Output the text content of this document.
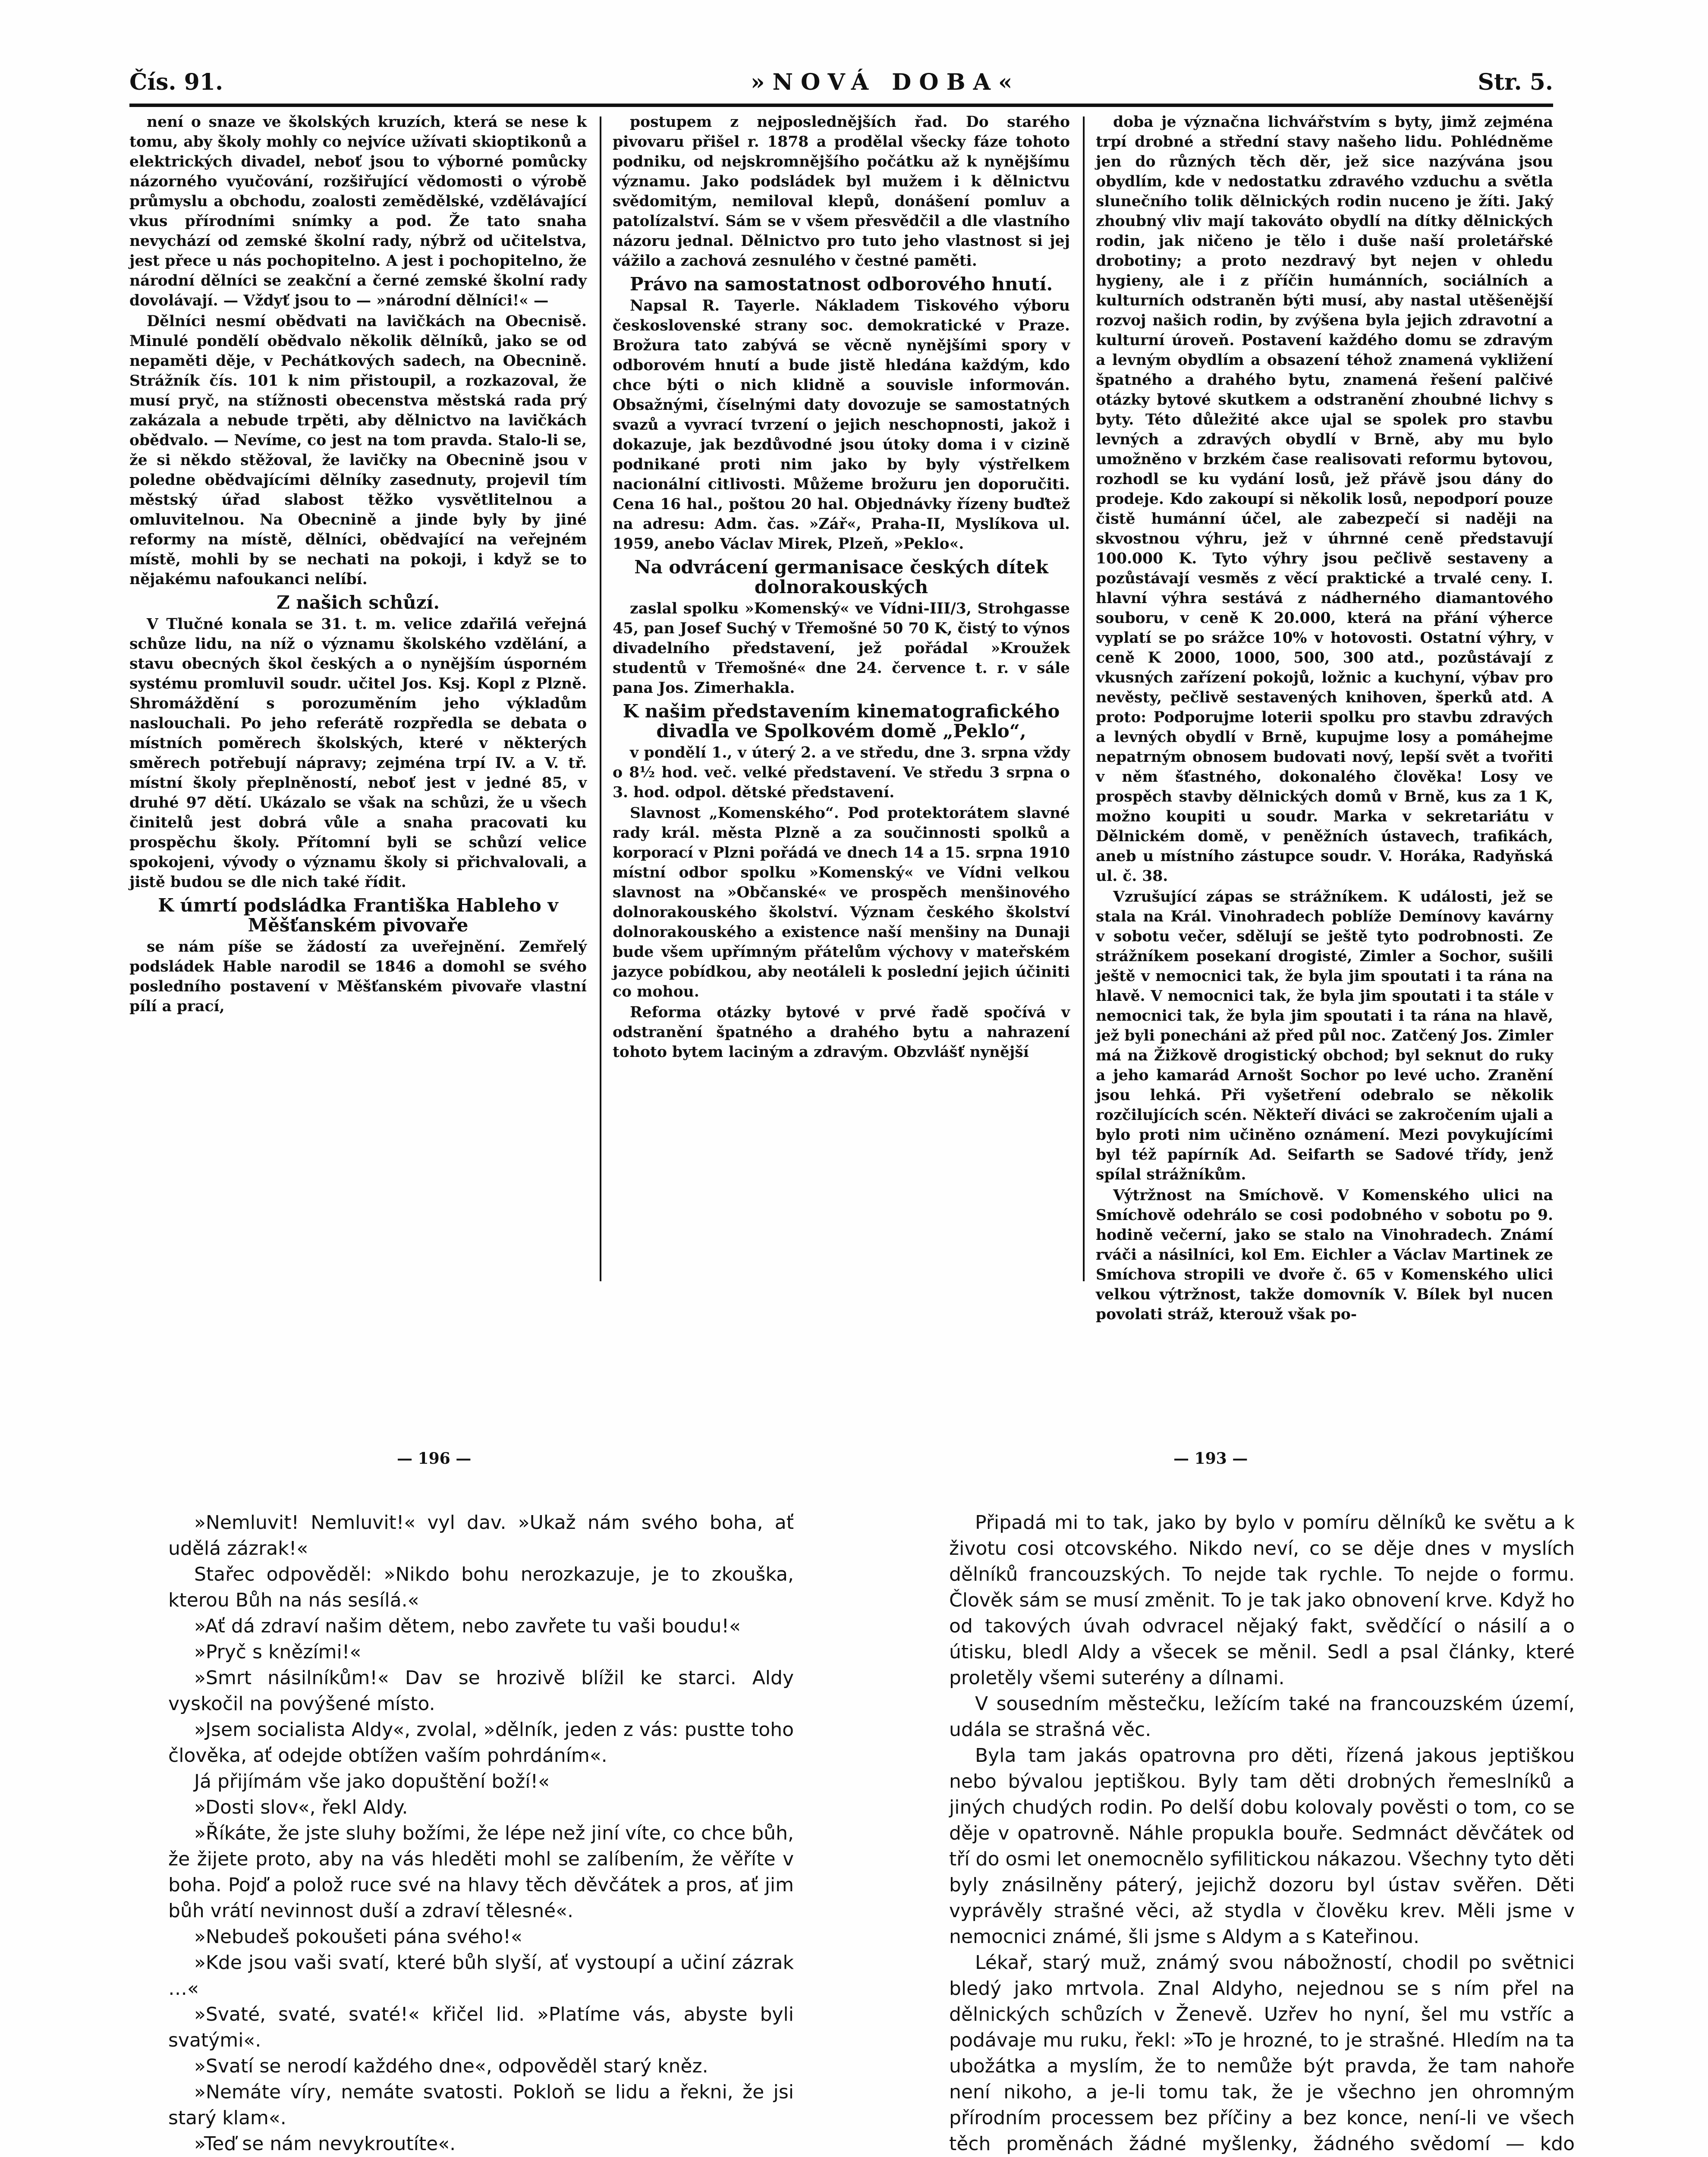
Čís. 91.	»NOVÁ DOBA«	Str. 5.

není o snaze ve školských kruzích, která se nese k tomu, aby školy mohly co nejvíce užívati skioptikonů a elektrických divadel, neboť jsou to výborné pomůcky názorného vyučování, rozšiřující vědomosti o výrobě průmyslu a obchodu, zoalosti zemědělské, vzdělávající vkus přírodními snímky a pod. Že tato snaha nevychází od zemské školní rady, nýbrž od učitelstva, jest přece u nás pochopitelno. A jest i pochopitelno, že národní dělníci se zeakční a černé zemské školní rady dovolávají. — Vždyť jsou to — »národní dělníci!« —

Dělníci nesmí obědvati na lavičkách na Obecnisě. Minulé pondělí obědvalo několik dělníků, jako se od nepaměti děje, v Pechátkových sadech, na Obecnině. Strážník čís. 101 k nim přistoupil, a rozkazoval, že musí pryč, na stížnosti obecenstva městská rada prý zakázala a nebude trpěti, aby dělnictvo na lavičkách obědvalo. — Nevíme, co jest na tom pravda. Stalo-li se, že si někdo stěžoval, že lavičky na Obecnině jsou v poledne obědvajícími dělníky zasednuty, projevil tím městský úřad slabost těžko vysvětlitelnou a omluvitelnou. Na Obecnině a jinde byly by jiné reformy na místě, dělníci, obědvající na veřejném místě, mohli by se nechati na pokoji, i když se to nějakému nafoukanci nelíbí.

Z našich schůzí.

V Tlučné konala se 31. t. m. velice zdařilá veřejná schůze lidu, na níž o významu školského vzdělání, a stavu obecných škol českých a o nynějším úsporném systému promluvil soudr. učitel Jos. Ksj. Kopl z Plzně. Shromáždění s porozuměním jeho výkladům naslouchali. Po jeho referátě rozpředla se debata o místních poměrech školských, které v některých směrech potřebují nápravy; zejména trpí IV. a V. tř. místní školy přeplněností, neboť jest v jedné 85, v druhé 97 dětí. Ukázalo se však na schůzi, že u všech činitelů jest dobrá vůle a snaha pracovati ku prospěchu školy. Přítomní byli se schůzí velice spokojeni, vývody o významu školy si přichvalovali, a jistě budou se dle nich také řídit.

K úmrtí podsládka Františka Hableho v Měšťanském pivovaře

se nám píše se žádostí za uveřejnění. Zemřelý podsládek Hable narodil se 1846 a domohl se svého posledního postavení v Měšťanském pivovaře vlastní pílí a prací,

postupem z nejposlednějších řad. Do starého pivovaru přišel r. 1878 a prodělal všecky fáze tohoto podniku, od nejskromnějšího počátku až k nynějšímu významu. Jako podsládek byl mužem i k dělnictvu svědomitým, nemiloval klepů, donášení pomluv a patolízalství. Sám se v všem přesvědčil a dle vlastního názoru jednal. Dělnictvo pro tuto jeho vlastnost si jej vážilo a zachová zesnulého v čestné paměti.

Právo na samostatnost odborového hnutí.

Napsal R. Tayerle. Nákladem Tiskového výboru československé strany soc. demokratické v Praze. Brožura tato zabývá se věcně nynějšími spory v odborovém hnutí a bude jistě hledána každým, kdo chce býti o nich klidně a souvisle informován. Obsažnými, číselnými daty dovozuje se samostatných svazů a vyvrací tvrzení o jejich neschopnosti, jakož i dokazuje, jak bezdůvodné jsou útoky doma i v cizině podnikané proti nim jako by byly výstřelkem nacionální citlivosti. Můžeme brožuru jen doporučiti. Cena 16 hal., poštou 20 hal. Objednávky řízeny buďtež na adresu: Adm. čas. »Zář«, Praha-II, Myslíkova ul. 1959, anebo Václav Mirek, Plzeň, »Peklo«.

Na odvrácení germanisace českých dítek dolnorakouských

zaslal spolku »Komenský« ve Vídni-III/3, Strohgasse 45, pan Josef Suchý v Třemošné 50 70 K, čistý to výnos divadelního představení, jež pořádal »Kroužek studentů v Třemošné« dne 24. července t. r. v sále pana Jos. Zimerhakla.

K našim představením kinematografického divadla ve Spolkovém domě „Peklo“,

v pondělí 1., v úterý 2. a ve středu, dne 3. srpna vždy o 8½ hod. več. velké představení. Ve středu 3 srpna o 3. hod. odpol. dětské představení.

Slavnost „Komenského“. Pod protektorátem slavné rady král. města Plzně a za součinnosti spolků a korporací v Plzni pořádá ve dnech 14 a 15. srpna 1910 místní odbor spolku »Komenský« ve Vídni velkou slavnost na »Občanské« ve prospěch menšinového dolnorakouského školství. Význam českého školství dolnorakouského a existence naší menšiny na Dunaji bude všem upřímným přátelům výchovy v mateřském jazyce pobídkou, aby neotáleli k poslední jejich účiniti co mohou.

Reforma otázky bytové v prvé řadě spočívá v odstranění špatného a drahého bytu a nahrazení tohoto bytem laciným a zdravým. Obzvlášť nynější

doba je význačna lichvářstvím s byty, jimž zejména trpí drobné a střední stavy našeho lidu. Pohlédněme jen do různých těch děr, jež sice nazývána jsou obydlím, kde v nedostatku zdravého vzduchu a světla slunečního tolik dělnických rodin nuceno je žíti. Jaký zhoubný vliv mají takováto obydlí na dítky dělnických rodin, jak ničeno je tělo i duše naší proletářské drobotiny; a proto nezdravý byt nejen v ohledu hygieny, ale i z příčin humánních, sociálních a kulturních odstraněn býti musí, aby nastal utěšenější rozvoj našich rodin, by zvýšena byla jejich zdravotní a kulturní úroveň. Postavení každého domu se zdravým a levným obydlím a obsazení téhož znamená vykližení špatného a drahého bytu, znamená řešení palčivé otázky bytové skutkem a odstranění zhoubné lichvy s byty. Této důležité akce ujal se spolek pro stavbu levných a zdravých obydlí v Brně, aby mu bylo umožněno v brzkém čase realisovati reformu bytovou, rozhodl se ku vydání losů, jež přávě jsou dány do prodeje. Kdo zakoupí si několik losů, nepodporí pouze čistě humánní účel, ale zabezpečí si naději na skvostnou výhru, jež v úhrnné ceně představují 100.000 K. Tyto výhry jsou pečlivě sestaveny a pozůstávají vesměs z věcí praktické a trvalé ceny. I. hlavní výhra sestává z nádherného diamantového souboru, v ceně K 20.000, která na přání výherce vyplatí se po srážce 10% v hotovosti. Ostatní výhry, v ceně K 2000, 1000, 500, 300 atd., pozůstávají z vkusných zařízení pokojů, ložnic a kuchyní, výbav pro nevěsty, pečlivě sestavených knihoven, šperků atd. A proto: Podporujme loterii spolku pro stavbu zdravých a levných obydlí v Brně, kupujme losy a pomáhejme nepatrným obnosem budovati nový, lepší svět a tvořiti v něm šťastného, dokonalého člověka! Losy ve prospěch stavby dělnických domů v Brně, kus za 1 K, možno koupiti u soudr. Marka v sekretariátu v Dělnickém domě, v peněžních ústavech, trafikách, aneb u místního zástupce soudr. V. Horáka, Radyňská ul. č. 38.

Vzrušující zápas se strážníkem. K události, jež se stala na Král. Vinohradech poblíže Demínovy kavárny v sobotu večer, sdělují se ještě tyto podrobnosti. Ze strážníkem posekaní drogisté, Zimler a Sochor, sušili ještě v nemocnici tak, že byla jim spoutati i ta rána na hlavě. V nemocnici tak, že byla jim spoutati i ta stále v nemocnici tak, že byla jim spoutati i ta rána na hlavě, jež byli ponecháni až před půl noc. Zatčený Jos. Zimler má na Žižkově drogistický obchod; byl seknut do ruky a jeho kamarád Arnošt Sochor po levé ucho. Zranění jsou lehká. Při vyšetření odebralo se několik rozčilujících scén. Někteří diváci se zakročením ujali a bylo proti nim učiněno oznámení. Mezi povykujícími byl též papírník Ad. Seifarth se Sadové třídy, jenž spílal strážníkům.

Výtržnost na Smíchově. V Komenského ulici na Smíchově odehrálo se cosi podobného v sobotu po 9. hodině večerní, jako se stalo na Vinohradech. Známí rváči a násilníci, kol Em. Eichler a Václav Martinek ze Smíchova stropili ve dvoře č. 65 v Komenského ulici velkou výtržnost, takže domovník V. Bílek byl nucen povolati stráž, kterouž však po-

— 196 —	— 193 —

»Nemluvit! Nemluvit!« vyl dav. »Ukaž nám svého boha, ať udělá zázrak!«

Stařec odpověděl: »Nikdo bohu nerozkazuje, je to zkouška, kterou Bůh na nás sesílá.«

»Ať dá zdraví našim dětem, nebo zavřete tu vaši boudu!«

»Pryč s knězími!«

»Smrt násilníkům!« Dav se hrozivě blížil ke starci. Aldy vyskočil na povýšené místo.

»Jsem socialista Aldy«, zvolal, »dělník, jeden z vás: pustte toho člověka, ať odejde obtížen vaším pohrdáním«.

Já přijímám vše jako dopuštění boží!«

»Dosti slov«, řekl Aldy.

»Říkáte, že jste sluhy božími, že lépe než jiní víte, co chce bůh, že žijete proto, aby na vás hleděti mohl se zalíbením, že věříte v boha. Pojď a polož ruce své na hlavy těch děvčátek a pros, ať jim bůh vrátí nevinnost duší a zdraví tělesné«.

»Nebudeš pokoušeti pána svého!«

»Kde jsou vaši svatí, které bůh slyší, ať vystoupí a učiní zázrak …«

»Svaté, svaté, svaté!« křičel lid. »Platíme vás, abyste byli svatými«.

»Svatí se nerodí každého dne«, odpověděl starý kněz.

»Nemáte víry, nemáte svatosti. Pokloň se lidu a řekni, že jsi starý klam«.

»Teď se nám nevykroutíte«.

Připadá mi to tak, jako by bylo v pomíru dělníků ke světu a k životu cosi otcovského. Nikdo neví, co se děje dnes v myslích dělníků francouzských. To nejde tak rychle. To nejde o formu. Člověk sám se musí změnit. To je tak jako obnovení krve. Když ho od takových úvah odvracel nějaký fakt, svědčící o násilí a o útisku, bledl Aldy a všecek se měnil. Sedl a psal články, které proletěly všemi suterény a dílnami.

V sousedním městečku, ležícím také na francouzském území, udála se strašná věc.

Byla tam jakás opatrovna pro děti, řízená jakous jeptiškou nebo bývalou jeptiškou. Byly tam děti drobných řemeslníků a jiných chudých rodin. Po delší dobu kolovaly pověsti o tom, co se děje v opatrovně. Náhle propukla bouře. Sedmnáct děvčátek od tří do osmi let onemocnělo syfilitickou nákazou. Všechny tyto děti byly znásilněny páterý, jejichž dozoru byl ústav svěřen. Děti vyprávěly strašné věci, až stydla v člověku krev. Měli jsme v nemocnici známé, šli jsme s Aldym a s Kateřinou.

Lékař, starý muž, známý svou nábožností, chodil po světnici bledý jako mrtvola. Znal Aldyho, nejednou se s ním přel na dělnických schůzích v Ženevě. Uzřev ho nyní, šel mu vstříc a podávaje mu ruku, řekl: »To je hrozné, to je strašné. Hledím na ta ubožátka a myslím, že to nemůže být pravda, že tam nahoře není nikoho, a je-li tomu tak, že je všechno jen ohromným přírodním processem bez příčiny a bez konce, není-li ve všech těch proměnách žádné myšlenky, žádného svědomí — kdo
